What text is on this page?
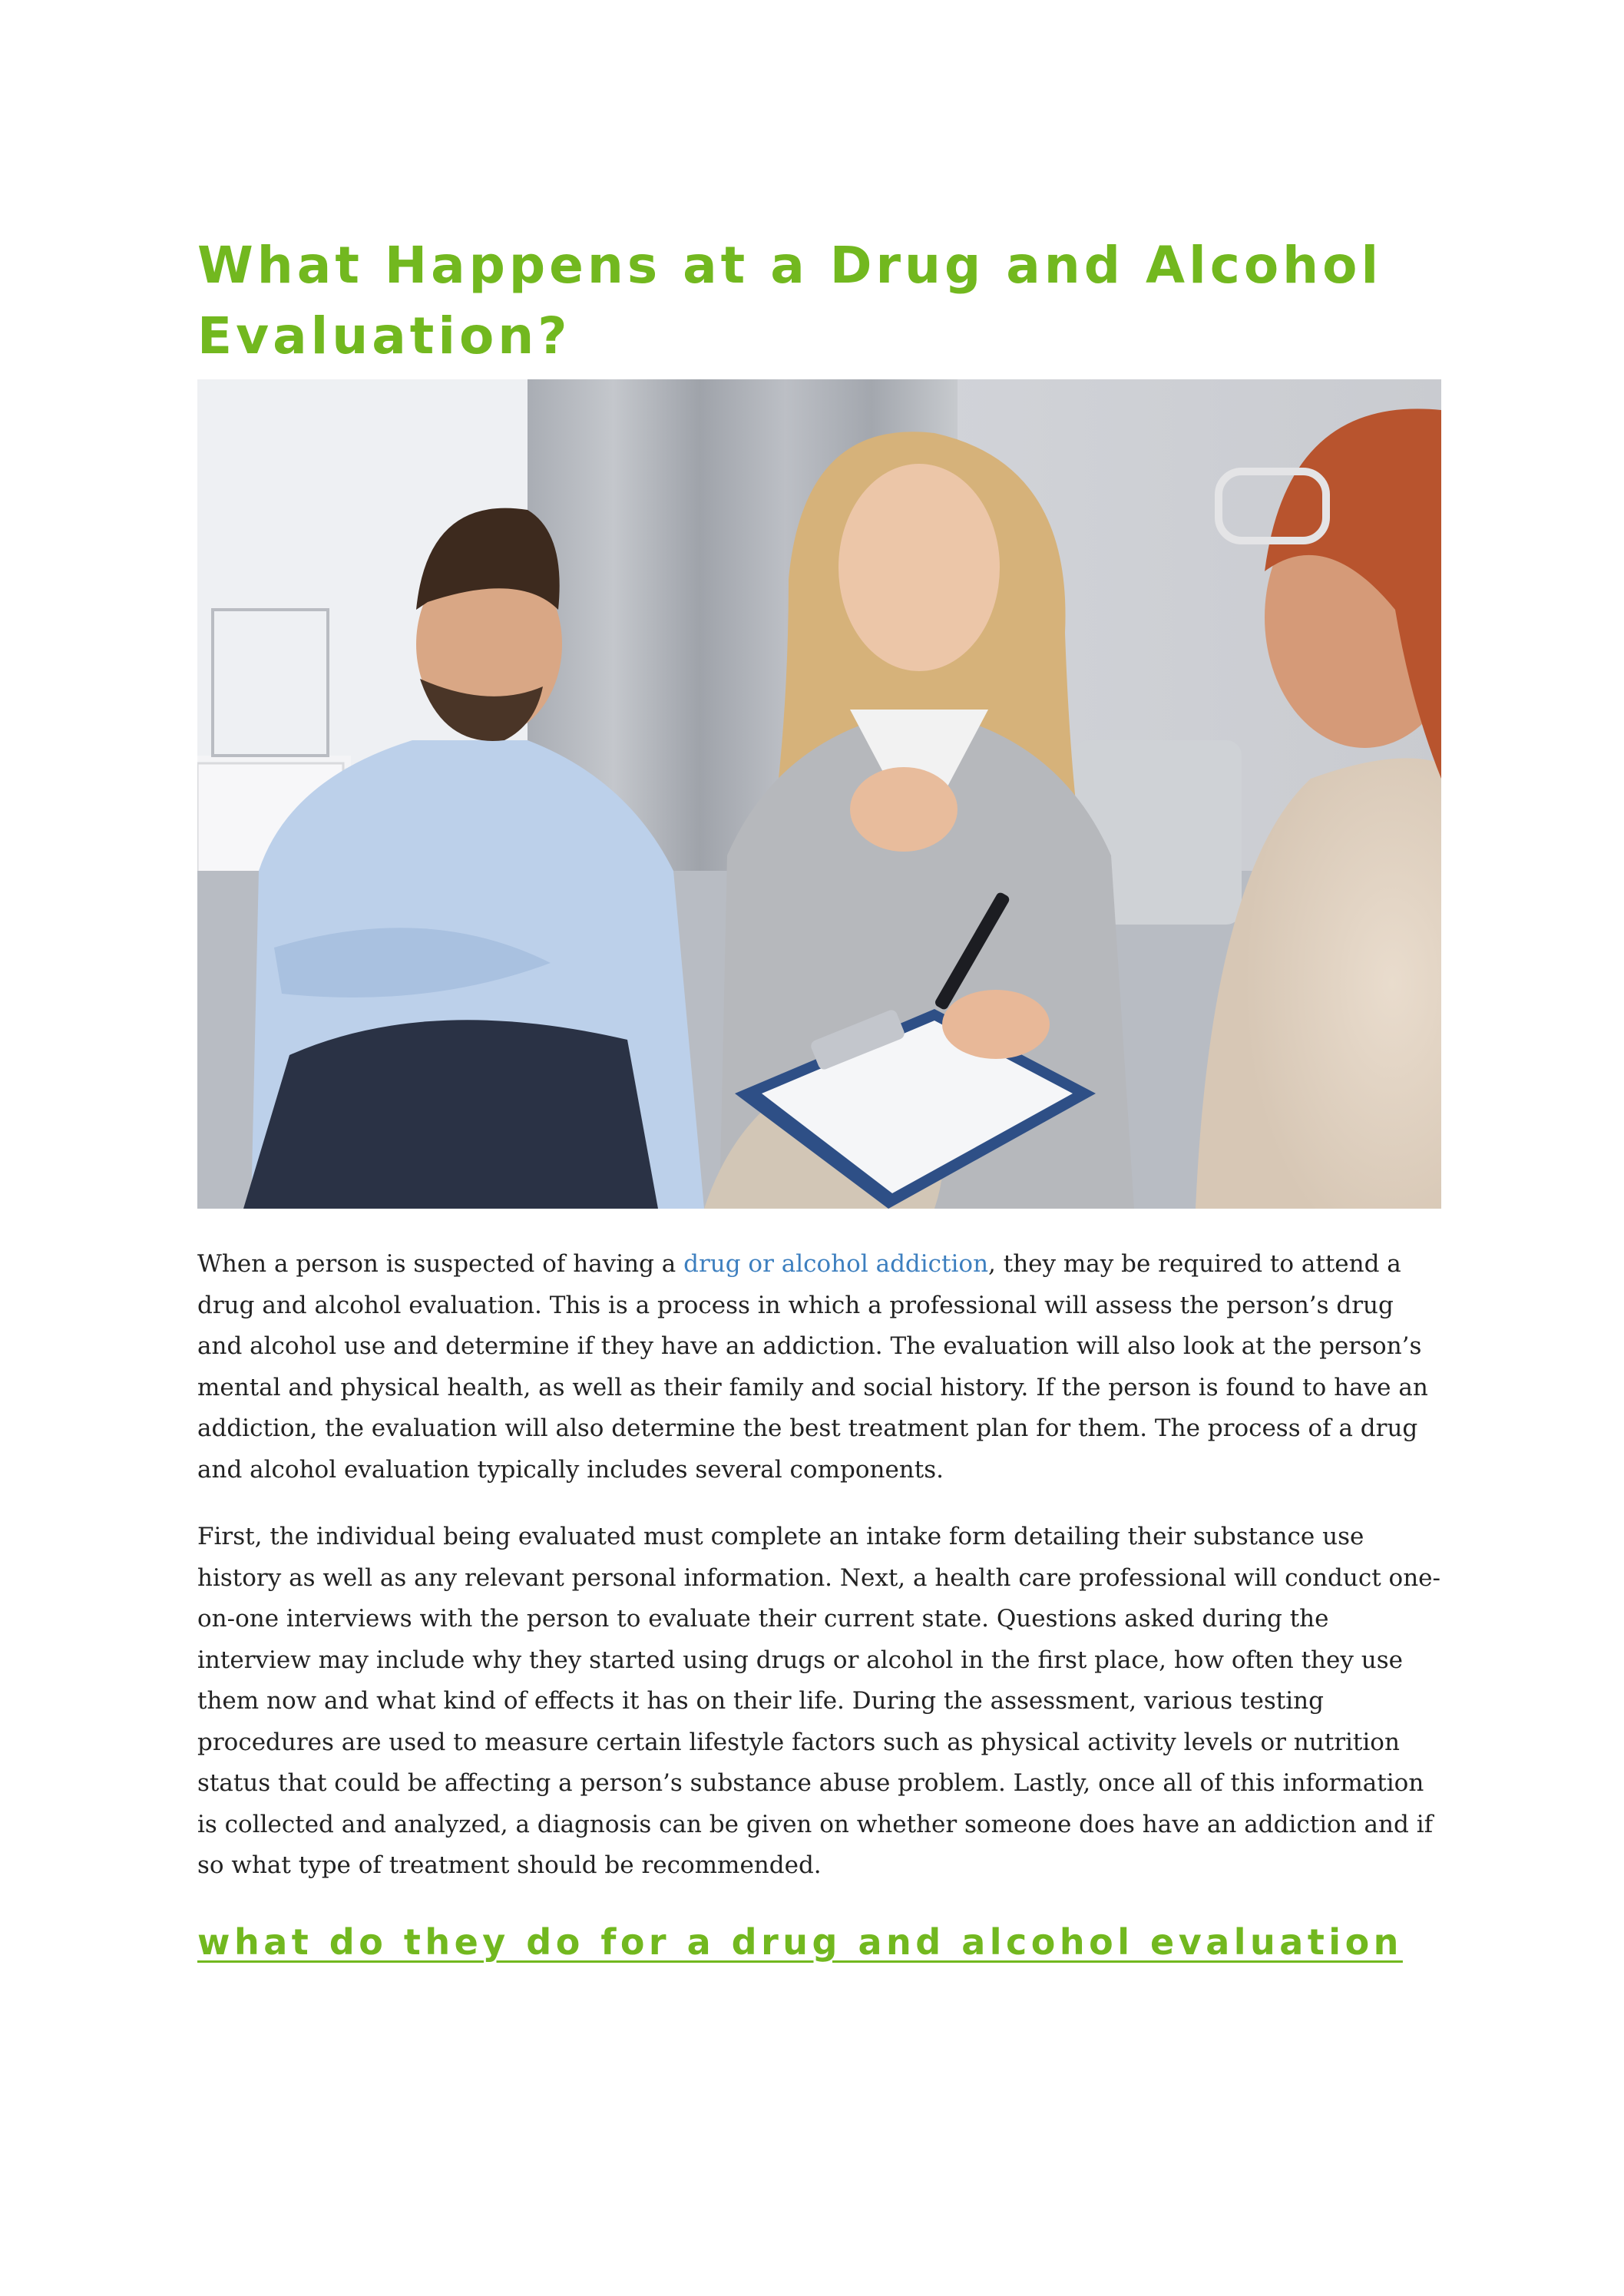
What Happens at a Drug and Alcohol Evaluation?

When a person is suspected of having a drug or alcohol addiction, they may be required to attend a drug and alcohol evaluation. This is a process in which a professional will assess the person’s drug and alcohol use and determine if they have an addiction. The evaluation will also look at the person’s mental and physical health, as well as their family and social history. If the person is found to have an addiction, the evaluation will also determine the best treatment plan for them. The process of a drug and alcohol evaluation typically includes several components.

First, the individual being evaluated must complete an intake form detailing their substance use history as well as any relevant personal information. Next, a health care professional will conduct one-on-one interviews with the person to evaluate their current state. Questions asked during the interview may include why they started using drugs or alcohol in the first place, how often they use them now and what kind of effects it has on their life. During the assessment, various testing procedures are used to measure certain lifestyle factors such as physical activity levels or nutrition status that could be affecting a person’s substance abuse problem. Lastly, once all of this information is collected and analyzed, a diagnosis can be given on whether someone does have an addiction and if so what type of treatment should be recommended.

what do they do for a drug and alcohol evaluation
